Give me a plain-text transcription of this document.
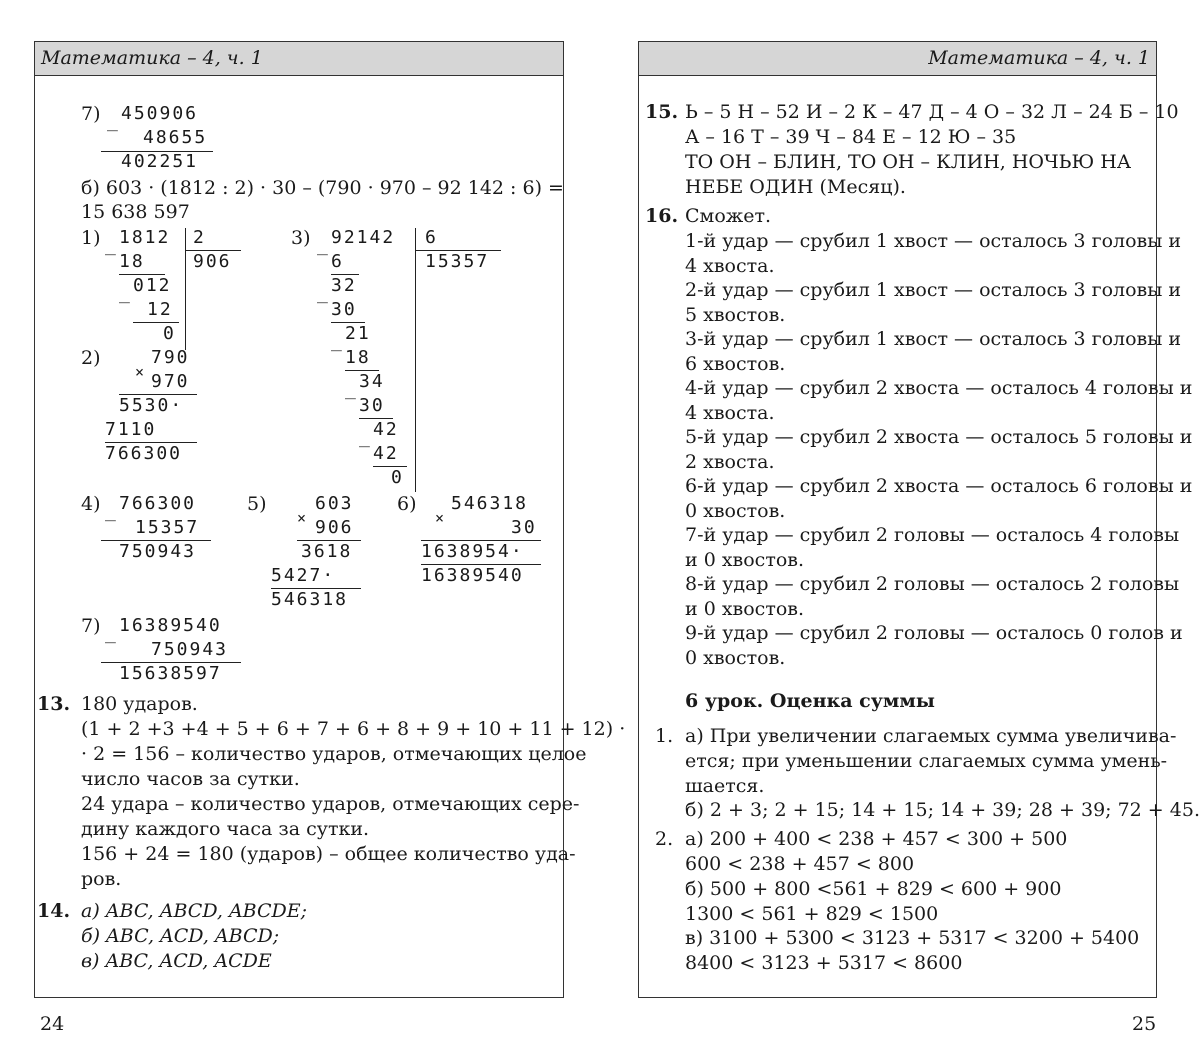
Математика – 4, ч. 1
7) _ 450906
48655
402251
б) 603 · (1812 : 2) · 30 – (790 · 970 – 92 142 : 6) =
15 638 597
1) _ 1812 2
906
18
_ 012
12
0
2)
×
790
970
5530·
7110
766300
3) _ 92142 6
15357
6
_ 32
30
_ 21
18
_ 34
30
_ 42
42
0
4) _ 766300
15357
750943
5)
×
603
906
3618
5427·
546318
6)
×
546318
30
1638954·
16389540
7) _ 16389540
750943
15638597
13. 180 ударов.
(1 + 2 +3 +4 + 5 + 6 + 7 + 6 + 8 + 9 + 10 + 11 + 12) ·
· 2 = 156 – количество ударов, отмечающих целое
число часов за сутки.
24 удара – количество ударов, отмечающих сере-
дину каждого часа за сутки.
156 + 24 = 180 (ударов) – общее количество уда-
ров.
14. а) ABC, ABCD, ABCDE;
б) ABC, ACD, ABCD;
в) ABC, ACD, ACDE
Математика – 4, ч. 1
15. Ь – 5 Н – 52 И – 2 К – 47 Д – 4 О – 32 Л – 24 Б – 10
А – 16 Т – 39 Ч – 84 Е – 12 Ю – 35
ТО ОН – БЛИН, ТО ОН – КЛИН, НОЧЬЮ НА
НЕБЕ ОДИН (Месяц).
16. Сможет.
1-й удар — срубил 1 хвост — осталось 3 головы и
4 хвоста.
2-й удар — срубил 1 хвост — осталось 3 головы и
5 хвостов.
3-й удар — срубил 1 хвост — осталось 3 головы и
6 хвостов.
4-й удар — срубил 2 хвоста — осталось 4 головы и
4 хвоста.
5-й удар — срубил 2 хвоста — осталось 5 головы и
2 хвоста.
6-й удар — срубил 2 хвоста — осталось 6 головы и
0 хвостов.
7-й удар — срубил 2 головы — осталось 4 головы
и 0 хвостов.
8-й удар — срубил 2 головы — осталось 2 головы
и 0 хвостов.
9-й удар — срубил 2 головы — осталось 0 голов и
0 хвостов.
6 урок. Оценка суммы
1. а) При увеличении слагаемых сумма увеличива-
ется; при уменьшении слагаемых сумма умень-
шается.
б) 2 + 3; 2 + 15; 14 + 15; 14 + 39; 28 + 39; 72 + 45.
2. а) 200 + 400 < 238 + 457 < 300 + 500
600 < 238 + 457 < 800
б) 500 + 800 <561 + 829 < 600 + 900
1300 < 561 + 829 < 1500
в) 3100 + 5300 < 3123 + 5317 < 3200 + 5400
8400 < 3123 + 5317 < 8600
24	25
